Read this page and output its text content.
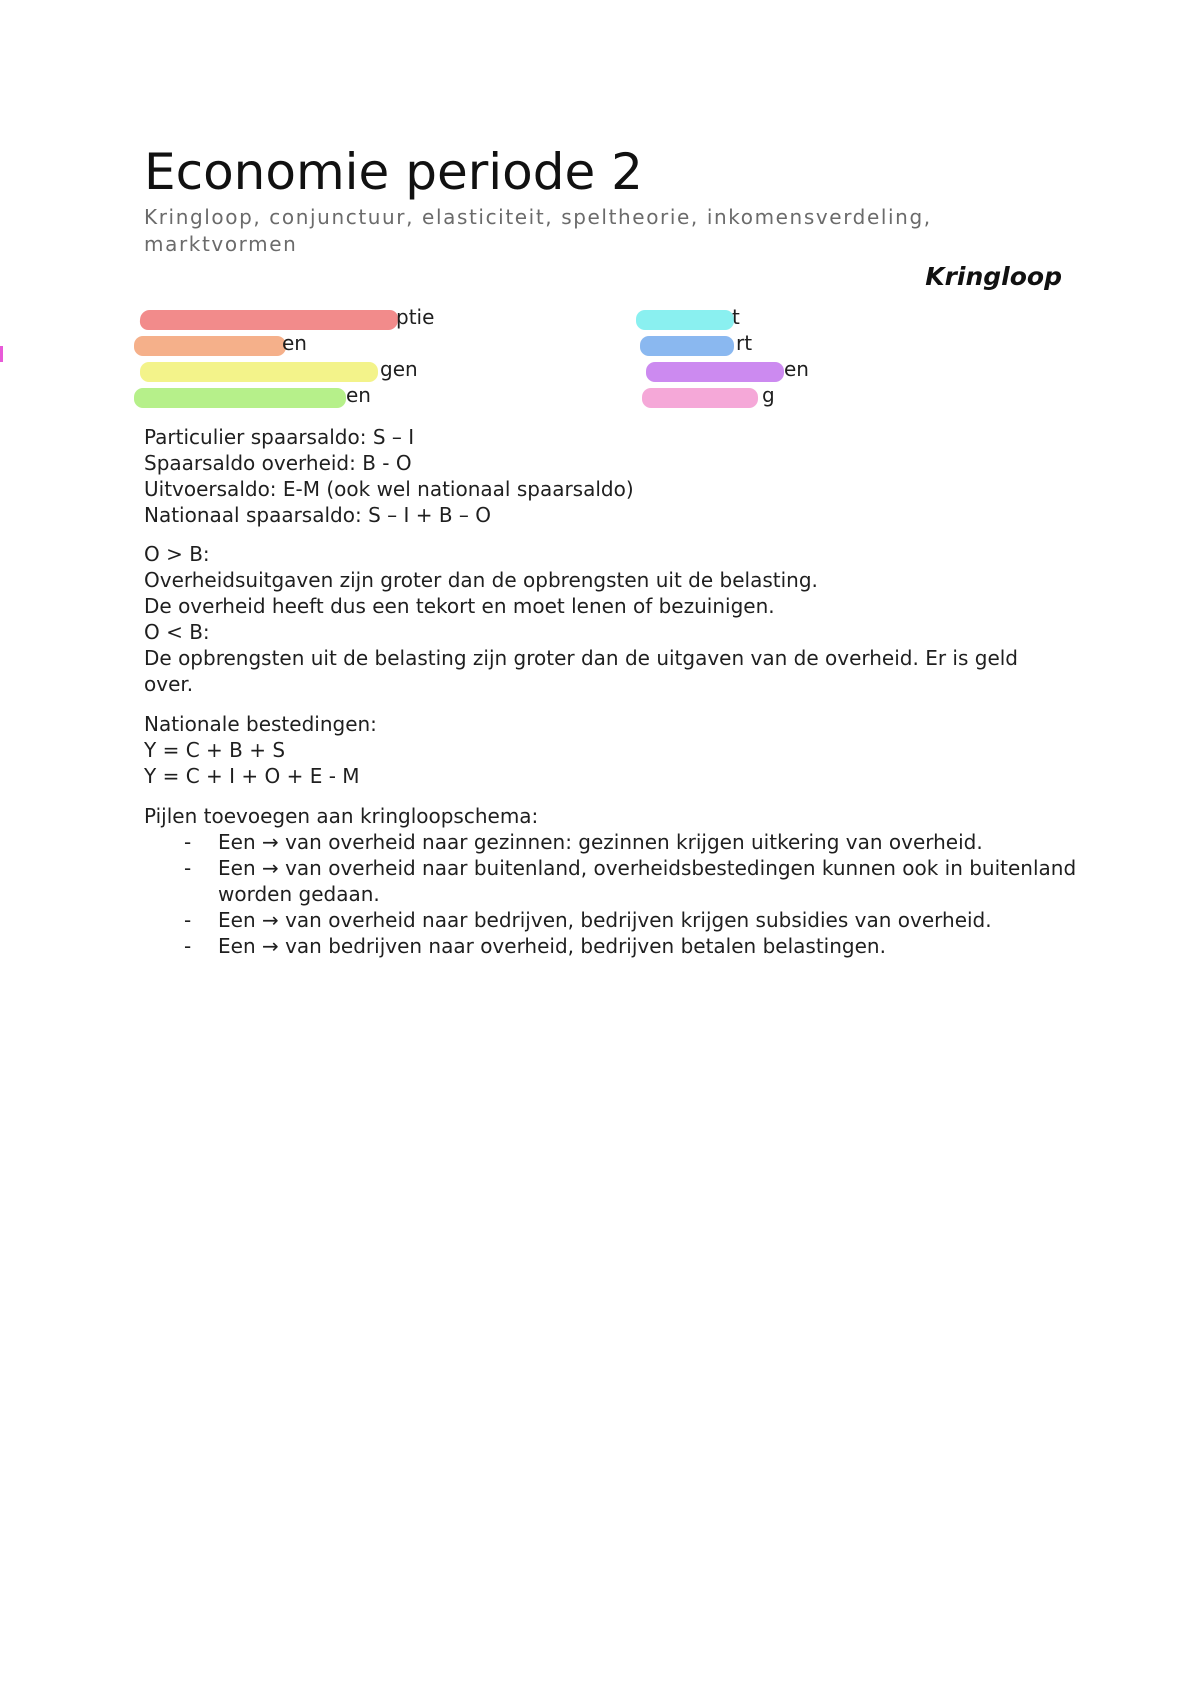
Economie periode 2

Kringloop, conjunctuur, elasticiteit, speltheorie, inkomensverdeling, marktvormen

Kringloop
ptie
en
gen
en
t
rt
en
g

Particulier spaarsaldo: S – I

Spaarsaldo overheid: B - O

Uitvoersaldo: E-M (ook wel nationaal spaarsaldo)

Nationaal spaarsaldo: S – I + B – O

O > B:

Overheidsuitgaven zijn groter dan de opbrengsten uit de belasting.

De overheid heeft dus een tekort en moet lenen of bezuinigen.

O < B:

De opbrengsten uit de belasting zijn groter dan de uitgaven van de overheid. Er is geld over.

Nationale bestedingen:

Y = C + B + S

Y = C + I + O + E - M

Pijlen toevoegen aan kringloopschema:

- Een → van overheid naar gezinnen: gezinnen krijgen uitkering van overheid.
- Een → van overheid naar buitenland, overheidsbestedingen kunnen ook in buitenland worden gedaan.
- Een → van overheid naar bedrijven, bedrijven krijgen subsidies van overheid.
- Een → van bedrijven naar overheid, bedrijven betalen belastingen.
